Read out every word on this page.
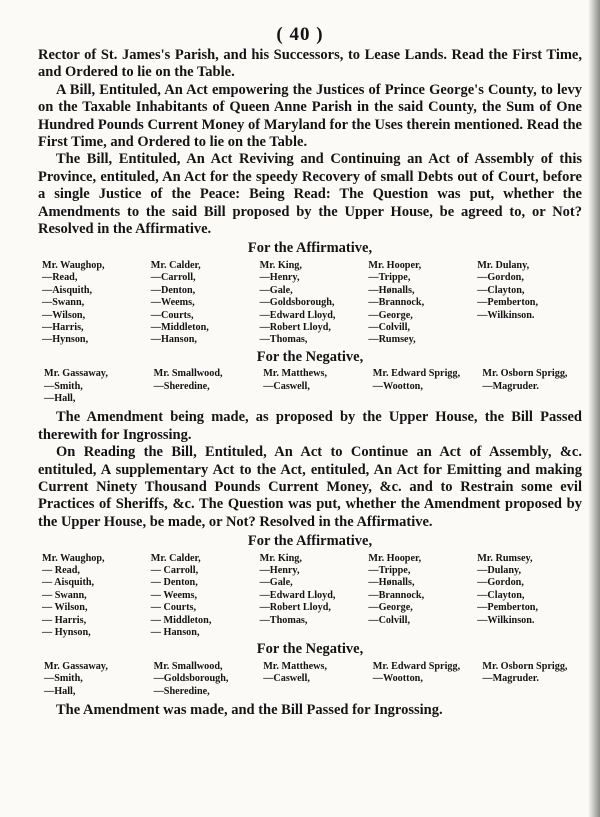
( 40 )

Rector of St. James's Parish, and his Successors, to Lease Lands. Read the First Time, and Ordered to lie on the Table.

A Bill, Entituled, An Act empowering the Justices of Prince George's County, to levy on the Taxable Inhabitants of Queen Anne Parish in the said County, the Sum of One Hundred Pounds Current Money of Maryland for the Uses therein mentioned. Read the First Time, and Ordered to lie on the Table.

The Bill, Entituled, An Act Reviving and Continuing an Act of Assembly of this Province, entituled, An Act for the speedy Recovery of small Debts out of Court, before a single Justice of the Peace: Being Read: The Question was put, whether the Amendments to the said Bill proposed by the Upper House, be agreed to, or Not? Resolved in the Affirmative.

For the Affirmative,
Mr. Waughop,
—Read,
—Aisquith,
—Swann,
—Wilson,
—Harris,
—Hynson,
Mr. Calder,
—Carroll,
—Denton,
—Weems,
—Courts,
—Middleton,
—Hanson,
Mr. King,
—Henry,
—Gale,
—Goldsborough,
—Edward Lloyd,
—Robert Lloyd,
—Thomas,
Mr. Hooper,
—Trippe,
—Hønalls,
—Brannock,
—George,
—Colvill,
—Rumsey,
Mr. Dulany,
—Gordon,
—Clayton,
—Pemberton,
—Wilkinson.
For the Negative,
Mr. Gassaway,
—Smith,
—Hall,
Mr. Smallwood,
—Sheredine,
Mr. Matthews,
—Caswell,
Mr. Edward Sprigg,
—Wootton,
Mr. Osborn Sprigg,
—Magruder.

The Amendment being made, as proposed by the Upper House, the Bill Passed therewith for Ingrossing.

On Reading the Bill, Entituled, An Act to Continue an Act of Assembly, &c. entituled, A supplementary Act to the Act, entituled, An Act for Emitting and making Current Ninety Thousand Pounds Current Money, &c. and to Restrain some evil Practices of Sheriffs, &c. The Question was put, whether the Amendment proposed by the Upper House, be made, or Not? Resolved in the Affirmative.

For the Affirmative,
Mr. Waughop,
— Read,
— Aisquith,
— Swann,
— Wilson,
— Harris,
— Hynson,
Mr. Calder,
— Carroll,
— Denton,
— Weems,
— Courts,
— Middleton,
— Hanson,
Mr. King,
—Henry,
—Gale,
—Edward Lloyd,
—Robert Lloyd,
—Thomas,
Mr. Hooper,
—Trippe,
—Hønalls,
—Brannock,
—George,
—Colvill,
Mr. Rumsey,
—Dulany,
—Gordon,
—Clayton,
—Pemberton,
—Wilkinson.
For the Negative,
Mr. Gassaway,
—Smith,
—Hall,
Mr. Smallwood,
—Goldsborough,
—Sheredine,
Mr. Matthews,
—Caswell,
Mr. Edward Sprigg,
—Wootton,
Mr. Osborn Sprigg,
—Magruder.

The Amendment was made, and the Bill Passed for Ingrossing.
